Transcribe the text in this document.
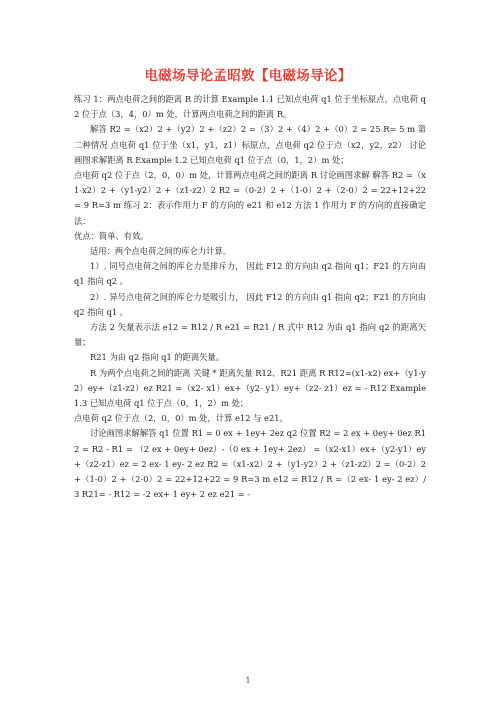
电磁场导论孟昭敦【电磁场导论】

练习 1：两点电荷之间的距离 R 的计算 Example 1.1 已知点电荷 q1 位于坐标原点，点电荷 q2 位于点（3，4，0）m 处，计算两点电荷之间的距离 R。

解答 R2 =（x2）2 +（y2）2 +（z2）2 =（3）2 +（4）2 +（0）2 = 25 R= 5 m 第二种情况 点电荷 q1 位于坐（x1，y1，z1）标原点，点电荷 q2 位于点（x2，y2，z2） 讨论画图求解距离 R Example 1.2 已知点电荷 q1 位于点（0，1，2）m 处；

点电荷 q2 位于点（2，0，0）m 处，计算两点电荷之间的距离 R 讨论画图求解 解答 R2 =（x1-x2）2 +（y1-y2）2 +（z1-z2）2 R2 =（0-2）2 +（1-0）2 +（2-0）2 = 22+12+22 = 9 R=3 m 练习 2：表示作用力 F 的方向的 e21 和 e12 方法 1 作用力 F 的方向的直接确定法：

优点：简单、有效。

适用：两个点电荷之间的库仑力计算。

1）. 同号点电荷之间的库仑力是排斥力， 因此 F12 的方向由 q2 指向 q1；F21 的方向由 q1 指向 q2 。

2）. 异号点电荷之间的库仑力是吸引力， 因此 F12 的方向由 q1 指向 q2；F21 的方向由 q2 指向 q1 。

方法 2 矢量表示法 e12 = R12 / R e21 = R21 / R 式中 R12 为由 q1 指向 q2 的距离矢量；

R21 为由 q2 指向 q1 的距离矢量。

R 为两个点电荷之间的距离 关键 * 距离矢量 R12、R21 距离 R R12=(x1-x2) ex+（y1-y2）ey+（z1-z2）ez R21 =（x2- x1）ex+（y2- y1）ey+（z2- z1）ez = - R12 Example 1.3 已知点电荷 q1 位于点（0，1，2）m 处；

点电荷 q2 位于点（2，0，0）m 处，计算 e12 与 e21。

讨论画图求解解答 q1 位置 R1 = 0 ex + 1ey+ 2ez q2 位置 R2 = 2 ex + 0ey+ 0ez R12 = R2 - R1 = （2 ex + 0ey+ 0ez）-（0 ex + 1ey+ 2ez） =（x2-x1）ex+（y2-y1）ey+（z2-z1）ez = 2 ex- 1 ey- 2 ez R2 =（x1-x2）2 +（y1-y2）2 +（z1-z2）2 =（0-2）2 +（1-0）2 +（2-0）2 = 22+12+22 = 9 R=3 m e12 = R12 / R =（2 ex- 1 ey- 2 ez）/ 3 R21= - R12 = -2 ex+ 1 ey+ 2 ez e21 = -

1
